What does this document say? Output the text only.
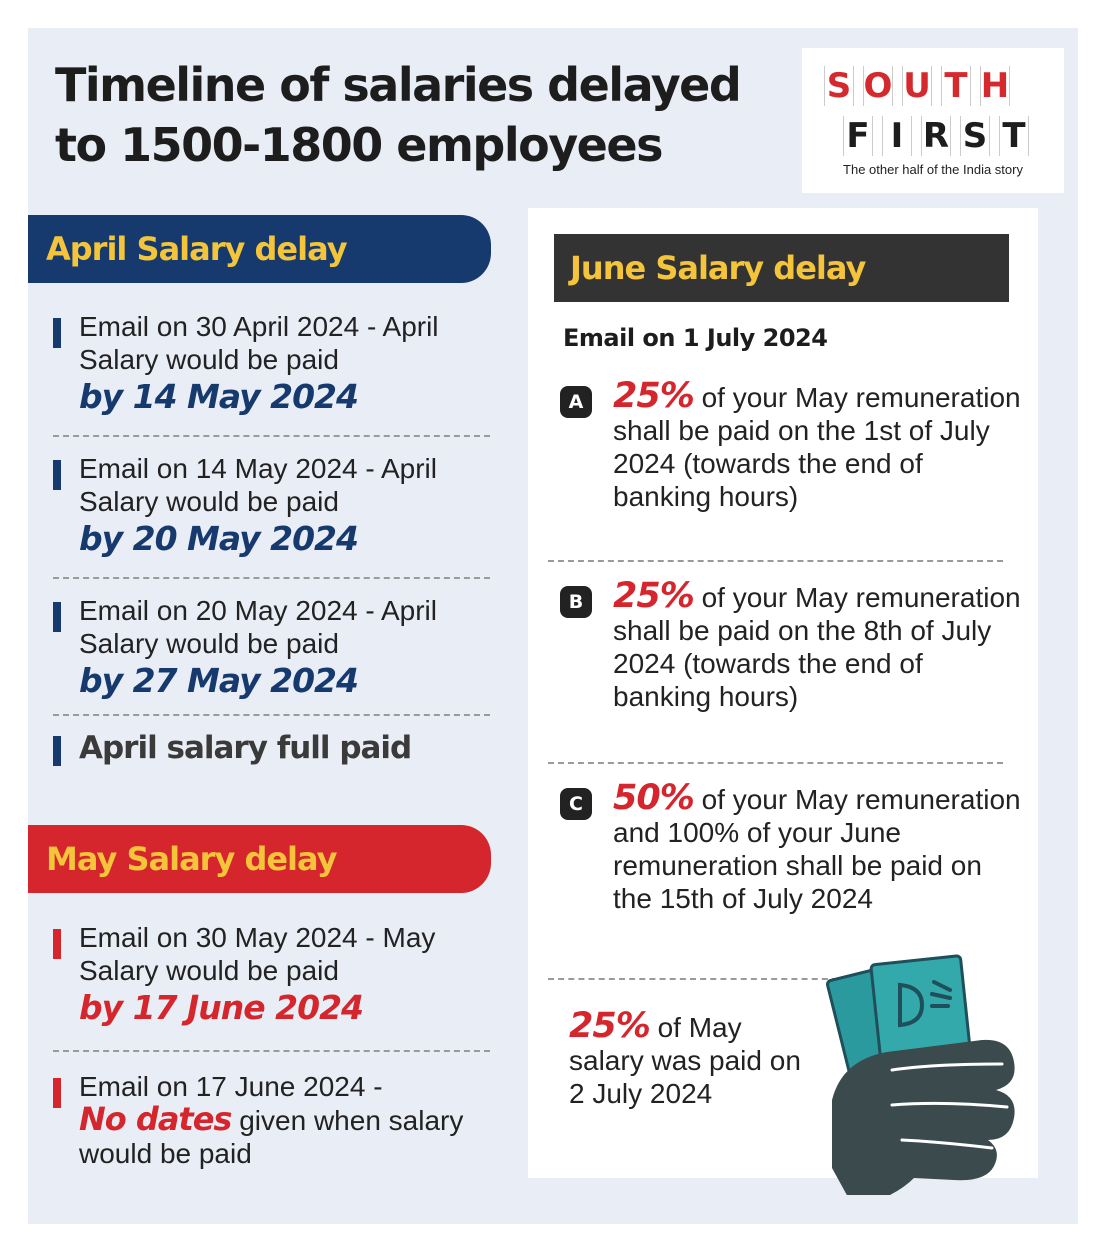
Timeline of salaries delayed to 1500-1800 employees
S O U T H
F I R S T
The other half of the India story
April Salary delay
Email on 30 April 2024 - April Salary would be paid
by 14 May 2024
Email on 14 May 2024 - April Salary would be paid
by 20 May 2024
Email on 20 May 2024 - April Salary would be paid
by 27 May 2024
April salary full paid
May Salary delay
Email on 30 May 2024 - May Salary would be paid
by 17 June 2024
Email on 17 June 2024 -
No dates given when salary would be paid
June Salary delay
Email on 1 July 2024
A 25% of your May remuneration shall be paid on the 1st of July 2024 (towards the end of banking hours)
B 25% of your May remuneration shall be paid on the 8th of July 2024 (towards the end of banking hours)
C 50% of your May remuneration and 100% of your June remuneration shall be paid on the 15th of July 2024
25% of May salary was paid on 2 July 2024
